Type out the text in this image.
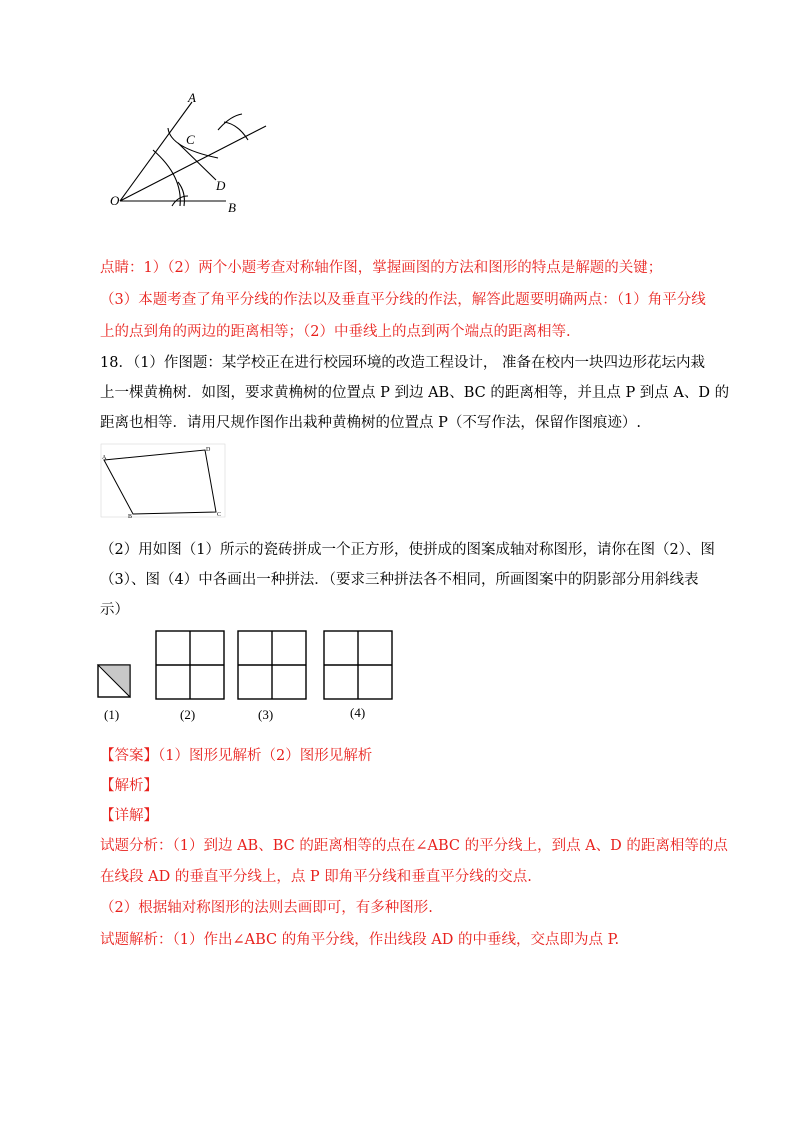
A
C
D
O	B
点睛：1）（2）两个小题考查对称轴作图，掌握画图的方法和图形的特点是解题的关键；
（3）本题考查了角平分线的作法以及垂直平分线的作法，解答此题要明确两点：（1）角平分线
上的点到角的两边的距离相等；（2）中垂线上的点到两个端点的距离相等.
18．（1）作图题：某学校正在进行校园环境的改造工程设计， 准备在校内一块四边形花坛内栽
上一棵黄桷树．如图，要求黄桷树的位置点 P 到边 AB、BC 的距离相等，并且点 P 到点 A、D 的
距离也相等．请用尺规作图作出栽种黄桷树的位置点 P（不写作法，保留作图痕迹）.
A
D
C
B
（2）用如图（1）所示的瓷砖拼成一个正方形，使拼成的图案成轴对称图形，请你在图（2）、图
（3）、图（4）中各画出一种拼法．（要求三种拼法各不相同，所画图案中的阴影部分用斜线表
示）
(1)	(2)	(3)	(4)
【答案】（1）图形见解析（2）图形见解析
【解析】
【详解】
试题分析：（1）到边 AB、BC 的距离相等的点在∠ABC 的平分线上，到点 A、D 的距离相等的点
在线段 AD 的垂直平分线上，点 P 即角平分线和垂直平分线的交点.
（2）根据轴对称图形的法则去画即可，有多种图形.
试题解析：（1）作出∠ABC 的角平分线，作出线段 AD 的中垂线，交点即为点 P.
